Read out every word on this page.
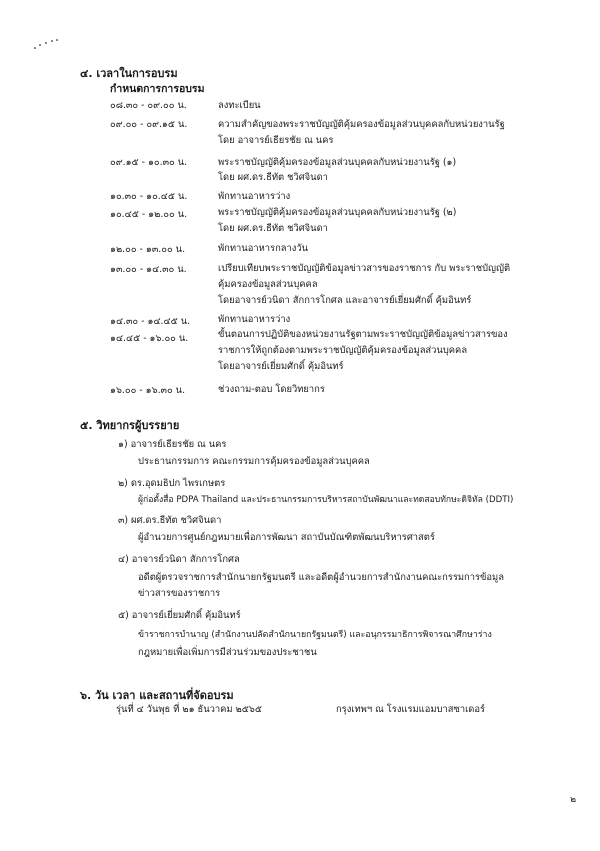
๔. เวลาในการอบรม
กำหนดการการอบรม
๐๘.๓๐ - ๐๙.๐๐ น.	ลงทะเบียน
๐๙.๐๐ - ๐๙.๑๕ น.	ความสำคัญของพระราชบัญญัติคุ้มครองข้อมูลส่วนบุคคลกับหน่วยงานรัฐ
โดย อาจารย์เธียรชัย ณ นคร
๐๙.๑๕ - ๑๐.๓๐ น.	พระราชบัญญัติคุ้มครองข้อมูลส่วนบุคคลกับหน่วยงานรัฐ (๑)
โดย ผศ.ดร.ธีทัต ชวิศจินดา
๑๐.๓๐ - ๑๐.๔๕ น.	พักทานอาหารว่าง
๑๐.๔๕ - ๑๒.๐๐ น.	พระราชบัญญัติคุ้มครองข้อมูลส่วนบุคคลกับหน่วยงานรัฐ (๒)
โดย ผศ.ดร.ธีทัต ชวิศจินดา
๑๒.๐๐ - ๑๓.๐๐ น.	พักทานอาหารกลางวัน
๑๓.๐๐ - ๑๔.๓๐ น.	เปรียบเทียบพระราชบัญญัติข้อมูลข่าวสารของราชการ กับ พระราชบัญญัติ
คุ้มครองข้อมูลส่วนบุคคล
โดยอาจารย์วนิดา สักการโกศล และอาจารย์เยี่ยมศักดิ์ คุ้มอินทร์
๑๔.๓๐ - ๑๔.๔๕ น.	พักทานอาหารว่าง
๑๔.๔๕ - ๑๖.๐๐ น.	ขั้นตอนการปฏิบัติของหน่วยงานรัฐตามพระราชบัญญัติข้อมูลข่าวสารของ
ราชการให้ถูกต้องตามพระราชบัญญัติคุ้มครองข้อมูลส่วนบุคคล
โดยอาจารย์เยี่ยมศักดิ์ คุ้มอินทร์
๑๖.๐๐ - ๑๖.๓๐ น.	ช่วงถาม-ตอบ โดยวิทยากร
๕. วิทยากรผู้บรรยาย
๑) อาจารย์เธียรชัย ณ นคร
ประธานกรรมการ คณะกรรมการคุ้มครองข้อมูลส่วนบุคคล
๒) ดร.อุดมธิปก ไพรเกษตร
ผู้ก่อตั้งสื่อ PDPA Thailand และประธานกรรมการบริหารสถาบันพัฒนาและทดสอบทักษะดิจิทัล (DDTI)
๓) ผศ.ดร.ธีทัต ชวิศจินดา
ผู้อำนวยการศูนย์กฎหมายเพื่อการพัฒนา สถาบันบัณฑิตพัฒนบริหารศาสตร์
๔) อาจารย์วนิดา สักการโกศล
อดีตผู้ตรวจราชการสำนักนายกรัฐมนตรี และอดีตผู้อำนวยการสำนักงานคณะกรรมการข้อมูล
ข่าวสารของราชการ
๕) อาจารย์เยี่ยมศักดิ์ คุ้มอินทร์
ข้าราชการบำนาญ (สำนักงานปลัดสำนักนายกรัฐมนตรี) และอนุกรรมาธิการพิจารณาศึกษาร่าง
กฎหมายเพื่อเพิ่มการมีส่วนร่วมของประชาชน
๖. วัน เวลา และสถานที่จัดอบรม
รุ่นที่ ๔ วันพุธ ที่ ๒๑ ธันวาคม ๒๕๖๕	กรุงเทพฯ ณ โรงแรมแอมบาสซาเดอร์
๒
